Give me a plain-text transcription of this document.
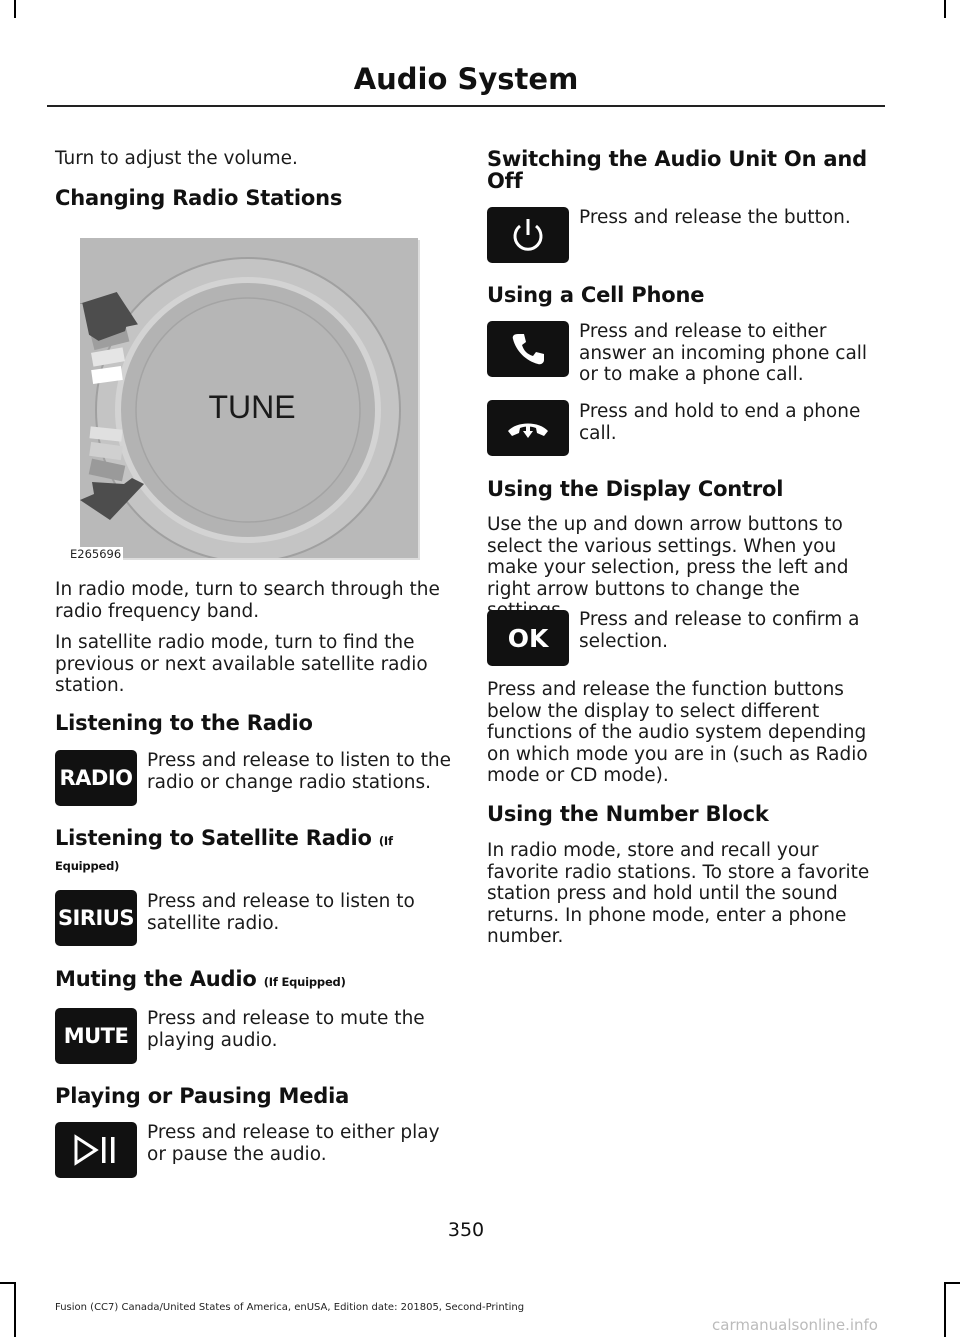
Audio System

Turn to adjust the volume.

Changing Radio Stations
TUNE
E265696

In radio mode, turn to search through the radio frequency band.

In satellite radio mode, turn to find the previous or next available satellite radio station.

Listening to the Radio
RADIO

Press and release to listen to the radio or change radio stations.

Listening to Satellite Radio (If
Equipped)
SIRIUS

Press and release to listen to satellite radio.

Muting the Audio (If Equipped)
MUTE

Press and release to mute the playing audio.

Playing or Pausing Media

Press and release to either play or pause the audio.

Switching the Audio Unit On and Off

Press and release the button.

Using a Cell Phone

Press and release to either answer an incoming phone call or to make a phone call.

Press and hold to end a phone call.

Using the Display Control

Use the up and down arrow buttons to select the various settings. When you make your selection, press the left and right arrow buttons to change the

OK

Press and release to confirm a selection.

Press and release the function buttons below the display to select different functions of the audio system depending on which mode you are in (such as Radio mode or CD mode).

Using the Number Block

In radio mode, store and recall your favorite radio stations. To store a favorite station press and hold until the sound returns. In phone mode, enter a phone number.

350
Fusion (CC7) Canada/United States of America, enUSA, Edition date: 201805, Second-Printing
carmanualsonline.info
